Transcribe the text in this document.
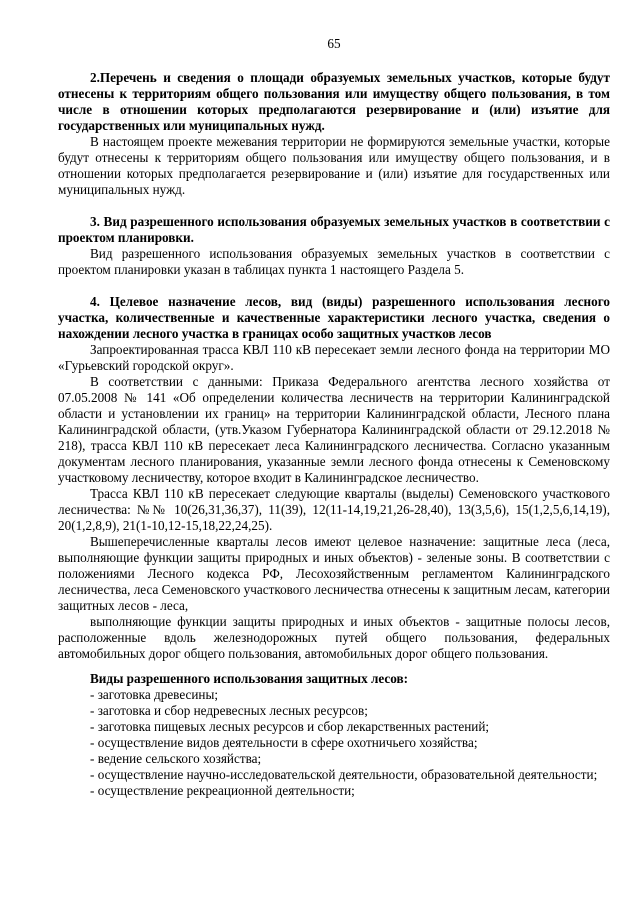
65

2.Перечень и сведения о площади образуемых земельных участков, которые будут отнесены к территориям общего пользования или имуществу общего пользования, в том числе в отношении которых предполагаются резервирование и (или) изъятие для государственных или муниципальных нужд.

В настоящем проекте межевания территории не формируются земельные участки, которые будут отнесены к территориям общего пользования или имуществу общего пользования, и в отношении которых предполагается резервирование и (или) изъятие для государственных или муниципальных нужд.

3. Вид разрешенного использования образуемых земельных участков в соответствии с проектом планировки.

Вид разрешенного использования образуемых земельных участков в соответствии с проектом планировки указан в таблицах пункта 1 настоящего Раздела 5.

4. Целевое назначение лесов, вид (виды) разрешенного использования лесного участка, количественные и качественные характеристики лесного участка, сведения о нахождении лесного участка в границах особо защитных участков лесов

Запроектированная трасса КВЛ 110 кВ пересекает земли лесного фонда на территории МО «Гурьевский городской округ».

В соответствии с данными: Приказа Федерального агентства лесного хозяйства от 07.05.2008 № 141 «Об определении количества лесничеств на территории Калининградской области и установлении их границ» на территории Калининградской области, Лесного плана Калининградской области, (утв.Указом Губернатора Калининградской области от 29.12.2018 № 218), трасса КВЛ 110 кВ пересекает леса Калининградского лесничества. Согласно указанным документам лесного планирования, указанные земли лесного фонда отнесены к Семеновскому участковому лесничеству, которое входит в Калининградское лесничество.

Трасса КВЛ 110 кВ пересекает следующие кварталы (выделы) Семеновского участкового лесничества: №№ 10(26,31,36,37), 11(39), 12(11-14,19,21,26-28,40), 13(3,5,6), 15(1,2,5,6,14,19), 20(1,2,8,9), 21(1-10,12-15,18,22,24,25).

Вышеперечисленные кварталы лесов имеют целевое назначение: защитные леса (леса, выполняющие функции защиты природных и иных объектов) - зеленые зоны. В соответствии с положениями Лесного кодекса РФ, Лесохозяйственным регламентом Калининградского лесничества, леса Семеновского участкового лесничества отнесены к защитным лесам, категории защитных лесов - леса,

выполняющие функции защиты природных и иных объектов - защитные полосы лесов, расположенные вдоль железнодорожных путей общего пользования, федеральных автомобильных дорог общего пользования, автомобильных дорог общего пользования.

Виды разрешенного использования защитных лесов:

- заготовка древесины;
- заготовка и сбор недревесных лесных ресурсов;
- заготовка пищевых лесных ресурсов и сбор лекарственных растений;
- осуществление видов деятельности в сфере охотничьего хозяйства;
- ведение сельского хозяйства;
- осуществление научно-исследовательской деятельности, образовательной деятельности;
- осуществление рекреационной деятельности;
